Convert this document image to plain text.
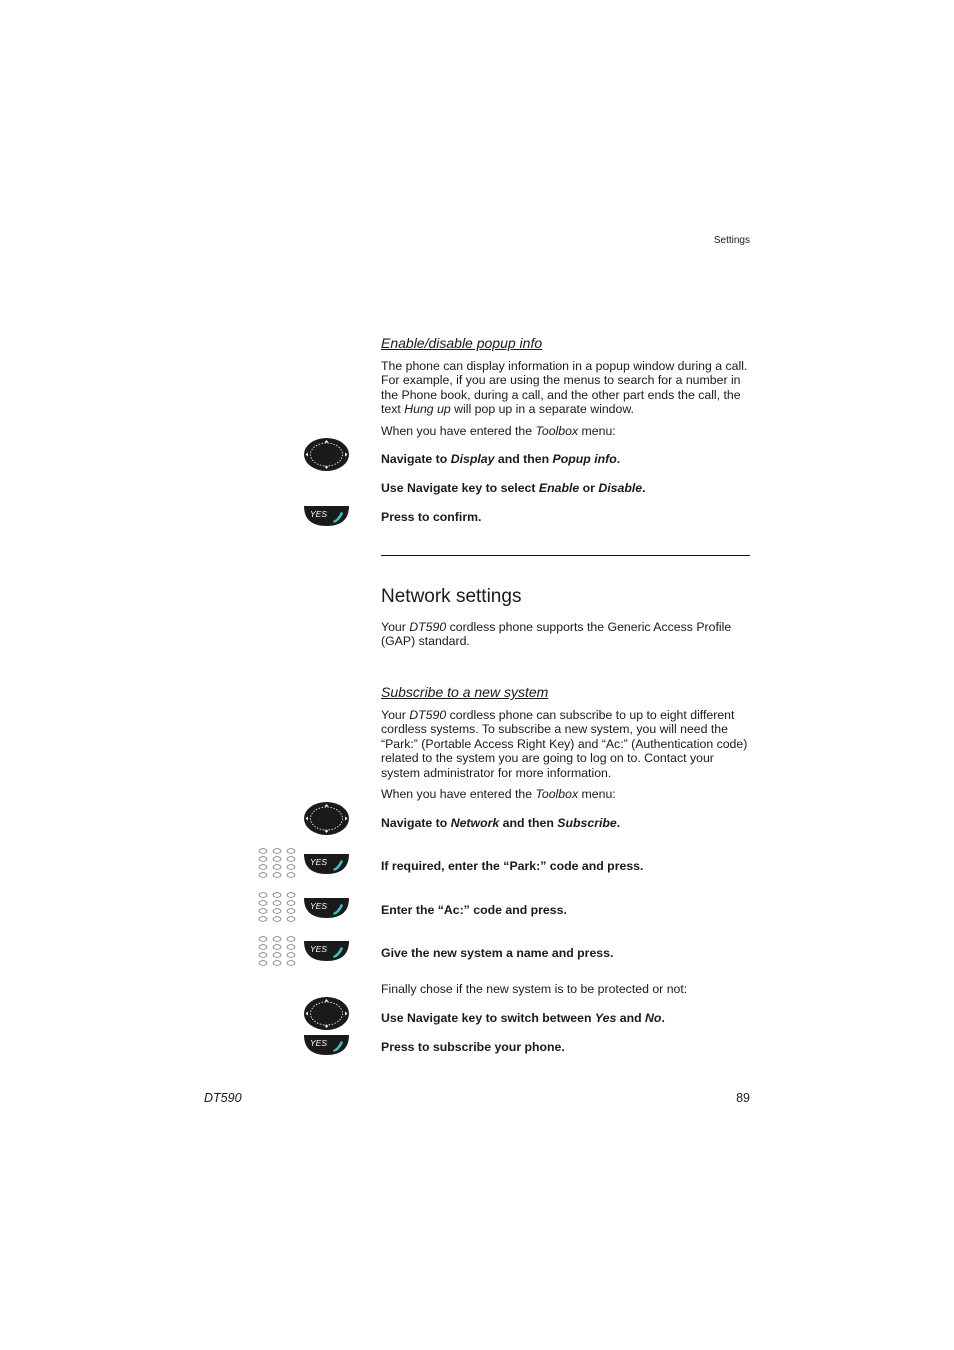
Settings
Enable/disable popup info
The phone can display information in a popup window during a call. For example, if you are using the menus to search for a number in the Phone book, during a call, and the other part ends the call, the text Hung up will pop up in a separate window.
When you have entered the Toolbox menu:
Navigate to Display and then Popup info.
Use Navigate key to select Enable or Disable.
YES	Press to confirm.
Network settings
Your DT590 cordless phone supports the Generic Access Profile (GAP) standard.
Subscribe to a new system
Your DT590 cordless phone can subscribe to up to eight different cordless systems. To subscribe a new system, you will need the “Park:” (Portable Access Right Key) and “Ac:” (Authentication code) related to the system you are going to log on to. Contact your system administrator for more information.
When you have entered the Toolbox menu:
Navigate to Network and then Subscribe.
YES	If required, enter the “Park:” code and press.
YES	Enter the “Ac:” code and press.
YES	Give the new system a name and press.
Finally chose if the new system is to be protected or not:
Use Navigate key to switch between Yes and No.
YES	Press to subscribe your phone.
DT590	89
